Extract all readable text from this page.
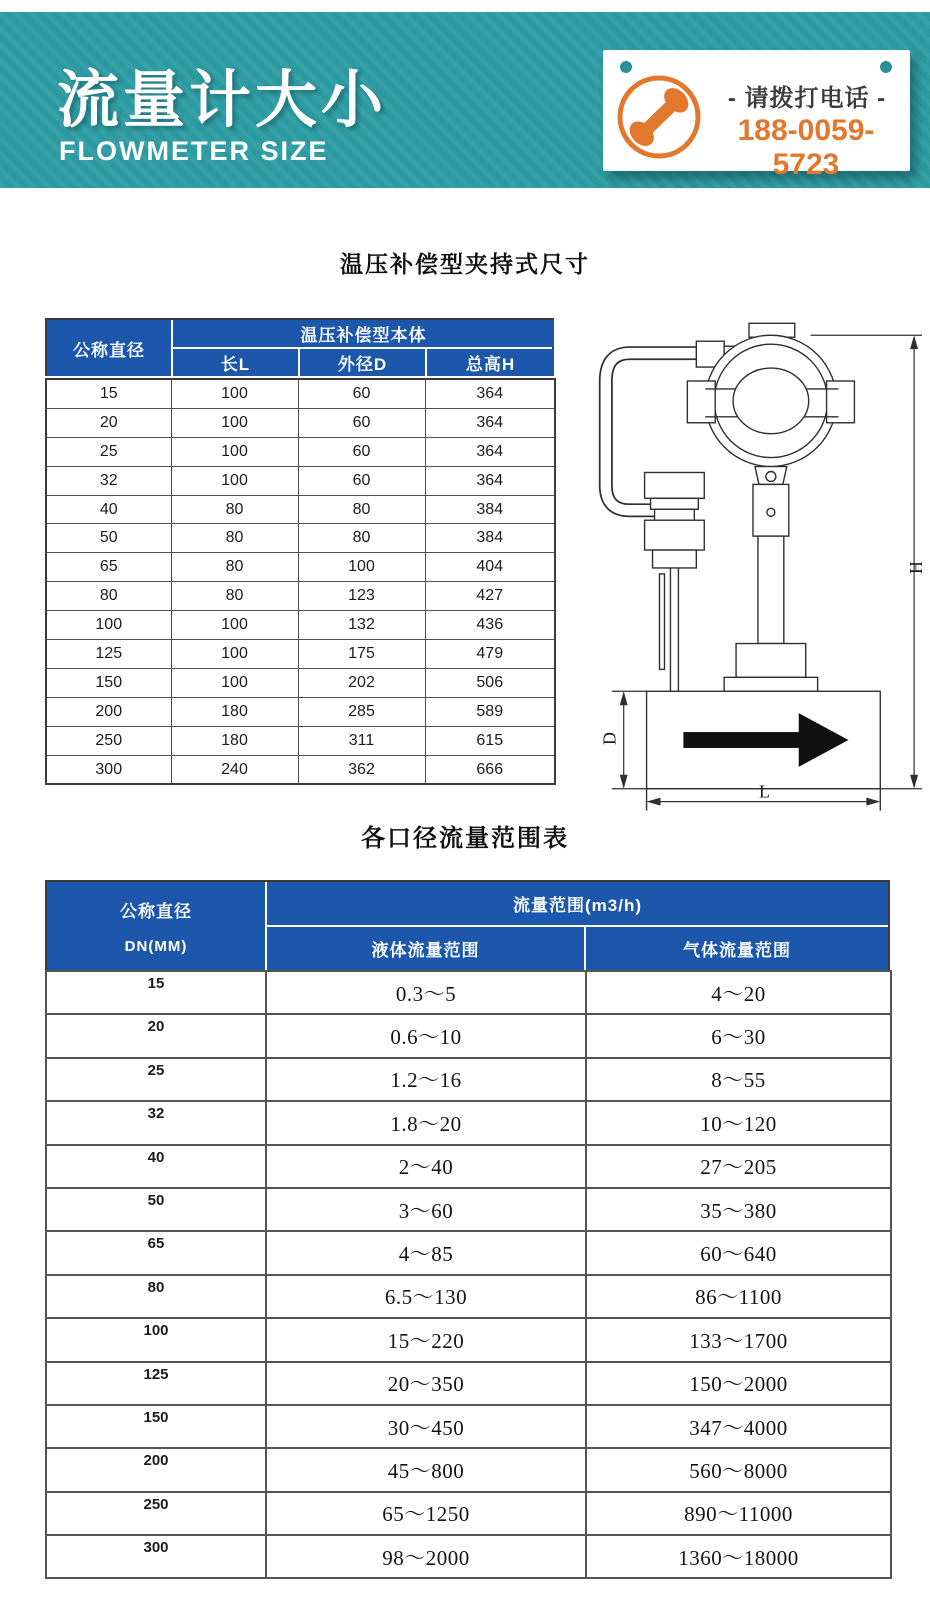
流量计大小
FLOWMETER SIZE
- 请拨打电话 -
188-0059-5723
温压补偿型夹持式尺寸
公称直径
温压补偿型本体
长L	外径D	总高H
15	100	60	364
20	100	60	364
25	100	60	364
32	100	60	364
40	80	80	384
50	80	80	384
65	80	100	404
80	80	123	427
100	100	132	436
125	100	175	479
150	100	202	506
200	180	285	589
250	180	311	615
300	240	362	666
H
D
L
各口径流量范围表
公称直径
DN(MM)
流量范围(m3/h)
液体流量范围	气体流量范围
15	0.3～5	4～20
20	0.6～10	6～30
25	1.2～16	8～55
32	1.8～20	10～120
40	2～40	27～205
50	3～60	35～380
65	4～85	60～640
80	6.5～130	86～1100
100	15～220	133～1700
125	20～350	150～2000
150	30～450	347～4000
200	45～800	560～8000
250	65～1250	890～11000
300	98～2000	1360～18000
